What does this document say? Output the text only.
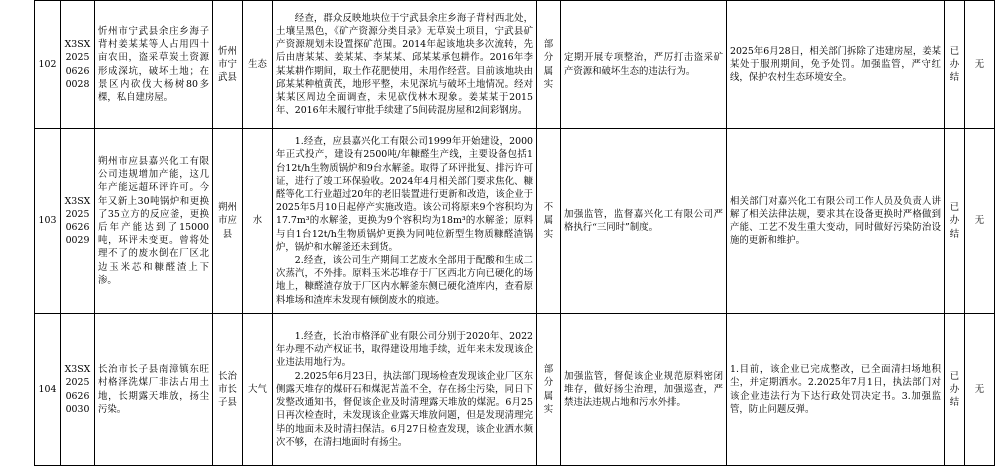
102	X3SX202506260028	忻州市宁武县余庄乡海子背村姜某某等人占用四十亩农田，盗采草炭土资源形成深坑，破坏土地；在景区内砍伐大杨树80多棵，私自建房屋。	忻州市宁武县	生态	经查，群众反映地块位于宁武县余庄乡海子背村西北处，土壤呈黑色，《矿产资源分类目录》无草炭土项目，宁武县矿产资源规划未设置探矿范围。2014年起该地块多次流转，先后由唐某某、姜某某、李某某、邱某某承包耕作。2016年李某某耕作期间，取土作花肥使用，未用作经营。目前该地块由邱某某种植黄芪，地形平整，未见深坑与破坏土地情况。经对某某区周边全面调查，未见砍伐林木现象。姜某某于2015年、2016年未履行审批手续建了5间砖混房屋和2间彩钢房。	部分属实	定期开展专项整治，严厉打击盗采矿产资源和破坏生态的违法行为。	2025年6月28日，相关部门拆除了违建房屋，姜某某处于服刑期间，免予处罚。加强监管，严守红线，保护农村生态环境安全。	已办结	无
103	X3SX202506260029	朔州市应县嘉兴化工有限公司违规增加产能，这几年产能远超环评许可。今年又新上30吨锅炉和更换了35立方的反应釜，更换后年产能达到了15000吨，环评未变更。曾将处理不了的废水倒在厂区北边玉米芯和糠醛渣上下渗。	朔州市应县	水	1.经查，应县嘉兴化工有限公司1999年开始建设，2000年正式投产，建设有2500吨/年糠醛生产线，主要设备包括1台12t/h生物质锅炉和9台水解釜。取得了环评批复、排污许可证，进行了竣工环保验收。2024年4月相关部门要求焦化、糠醛等化工行业超过20年的老旧装置进行更新和改造，该企业于2025年5月10日起停产实施改造。该公司将原来9个容积均为17.7m³的水解釜，更换为9个容积均为18m³的水解釜；原料与自1台12t/h生物质锅炉更换为同吨位新型生物质糠醛渣锅炉，锅炉和水解釜还未到货。

2.经查，该公司生产期间工艺废水全部用于配酸和生成二次蒸汽，不外排。原料玉米芯堆存于厂区西北方向已硬化的场地上，糠醛渣存放于厂区内水解釜东侧已硬化渣库内，查看原料堆场和渣库未发现有倾倒废水的痕迹。	不属实	加强监管，监督嘉兴化工有限公司严格执行“三同时”制度。	相关部门对嘉兴化工有限公司工作人员及负责人讲解了相关法律法规，要求其在设备更换时严格做到产能、工艺不发生重大变动，同时做好污染防治设施的更新和维护。	已办结	无
104	X3SX202506260030	长治市长子县南漳镇东旺村格泽洗煤厂非法占用土地，长期露天堆放，扬尘污染。	长治市长子县	大气	1.经查，长治市格泽矿业有限公司分别于2020年、2022年办理不动产权证书，取得建设用地手续，近年来未发现该企业违法用地行为。

2.2025年6月23日，执法部门现场检查发现该企业厂区东侧露天堆存的煤矸石和煤泥苫盖不全，存在扬尘污染，同日下发整改通知书，督促该企业及时清理露天堆放的煤泥。6月25日再次检查时，未发现该企业露天堆放问题，但是发现清理完毕的地面未及时清扫保洁。6月27日检查发现，该企业洒水频次不够，在清扫地面时有扬尘。	部分属实	加强监管，督促该企业规范原料密闭堆存，做好扬尘治理，加强巡查，严禁违法违规占地和污水外排。	1.目前，该企业已完成整改，已全面清扫场地积尘，并定期洒水。2.2025年7月1日，执法部门对该企业违法行为下达行政处罚决定书。3.加强监管，防止问题反弹。	已办结	无
